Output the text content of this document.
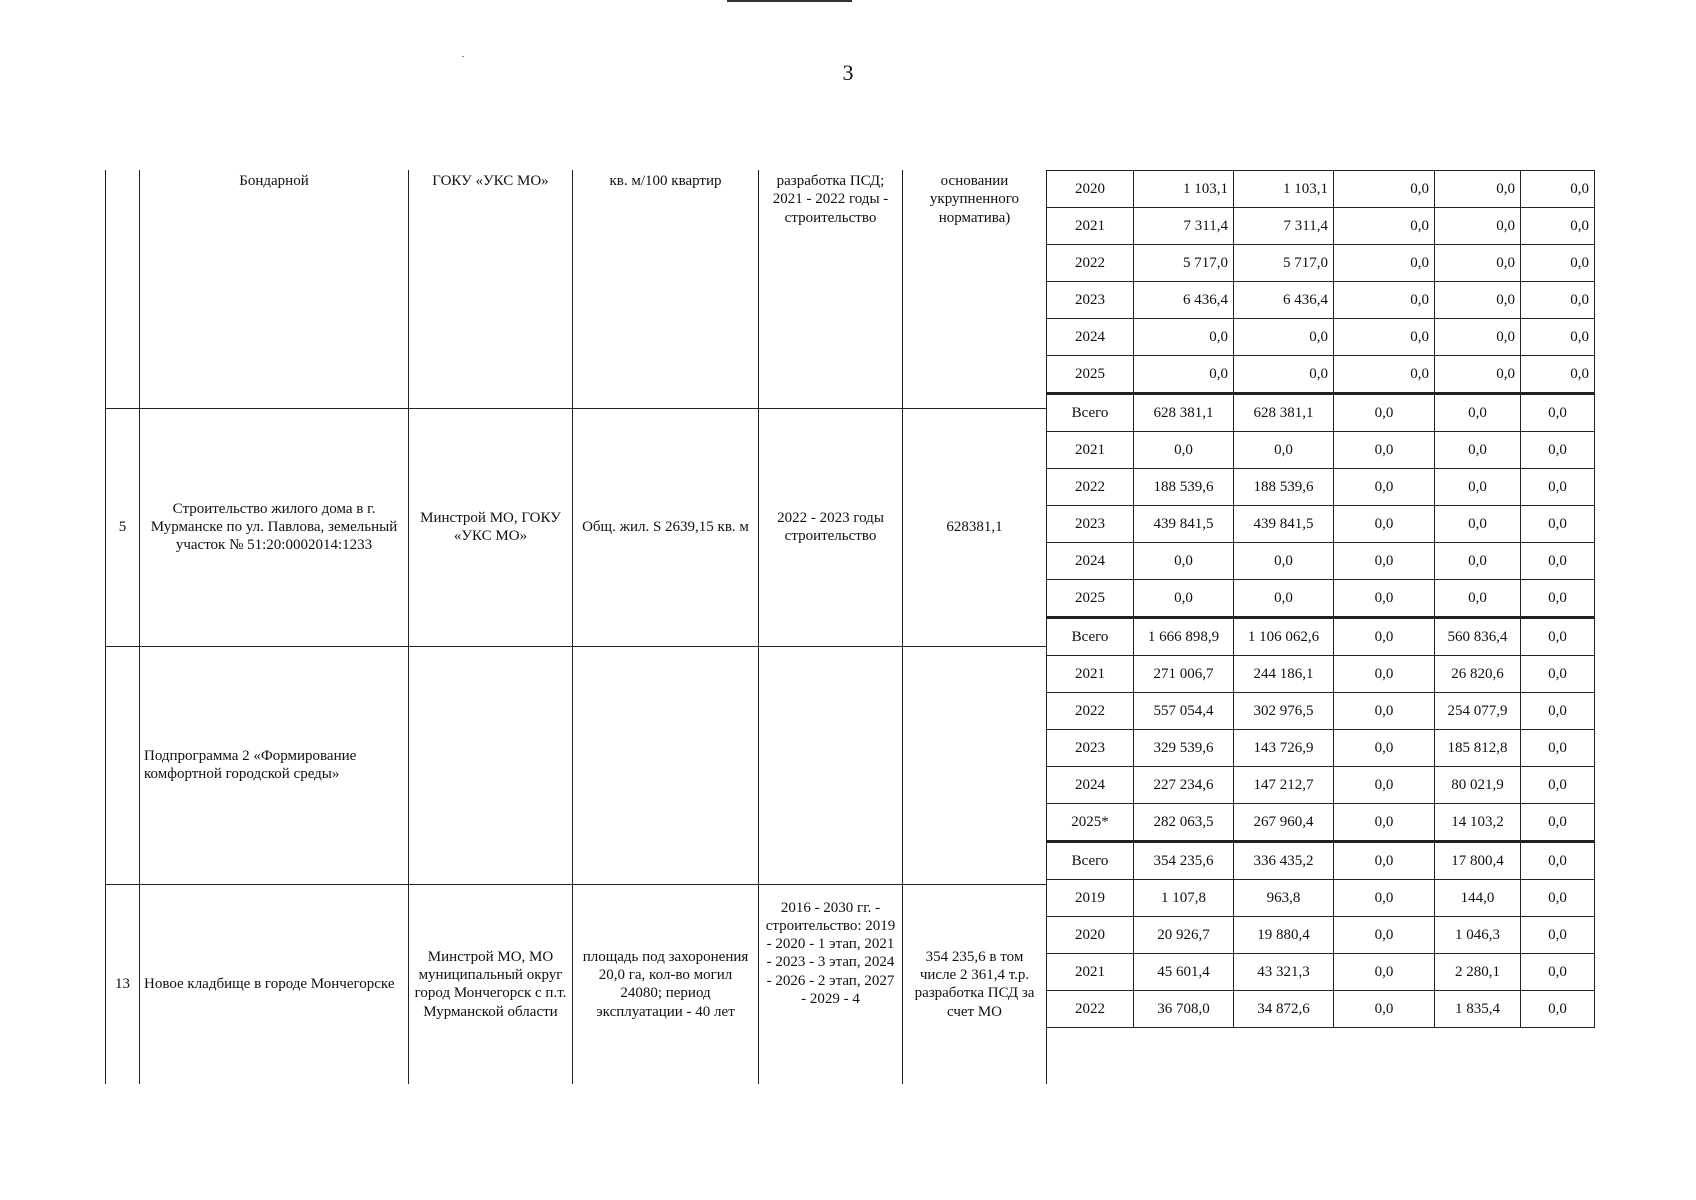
3
	Бондарной	ГОКУ «УКС МО»	кв. м/100 квартир	разработка ПСД; 2021 - 2022 годы - строительство	основании укрупненного норматива)
5	Строительство жилого дома в г. Мурманске по ул. Павлова, земельный участок № 51:20:0002014:1233	Минстрой МО, ГОКУ «УКС МО»	Общ. жил. S 2639,15 кв. м	2022 - 2023 годы строительство	628381,1
	Подпрограмма 2 «Формирование комфортной городской среды»				
13	Новое кладбище в городе Мончегорске	Минстрой МО, МО муниципальный округ город Мончегорск с п.т. Мурманской области	площадь под захоронения 20,0 га, кол-во могил 24080; период эксплуатации - 40 лет	2016 - 2030 гг. - строительство: 2019 - 2020 - 1 этап, 2021 - 2023 - 3 этап, 2024 - 2026 - 2 этап, 2027 - 2029 - 4	354 235,6 в том числе 2 361,4 т.р. разработка ПСД за счет МО
2020	1 103,1	1 103,1	0,0	0,0	0,0
2021	7 311,4	7 311,4	0,0	0,0	0,0
2022	5 717,0	5 717,0	0,0	0,0	0,0
2023	6 436,4	6 436,4	0,0	0,0	0,0
2024	0,0	0,0	0,0	0,0	0,0
2025	0,0	0,0	0,0	0,0	0,0
Всего	628 381,1	628 381,1	0,0	0,0	0,0
2021	0,0	0,0	0,0	0,0	0,0
2022	188 539,6	188 539,6	0,0	0,0	0,0
2023	439 841,5	439 841,5	0,0	0,0	0,0
2024	0,0	0,0	0,0	0,0	0,0
2025	0,0	0,0	0,0	0,0	0,0
Всего	1 666 898,9	1 106 062,6	0,0	560 836,4	0,0
2021	271 006,7	244 186,1	0,0	26 820,6	0,0
2022	557 054,4	302 976,5	0,0	254 077,9	0,0
2023	329 539,6	143 726,9	0,0	185 812,8	0,0
2024	227 234,6	147 212,7	0,0	80 021,9	0,0
2025*	282 063,5	267 960,4	0,0	14 103,2	0,0
Всего	354 235,6	336 435,2	0,0	17 800,4	0,0
2019	1 107,8	963,8	0,0	144,0	0,0
2020	20 926,7	19 880,4	0,0	1 046,3	0,0
2021	45 601,4	43 321,3	0,0	2 280,1	0,0
2022	36 708,0	34 872,6	0,0	1 835,4	0,0
